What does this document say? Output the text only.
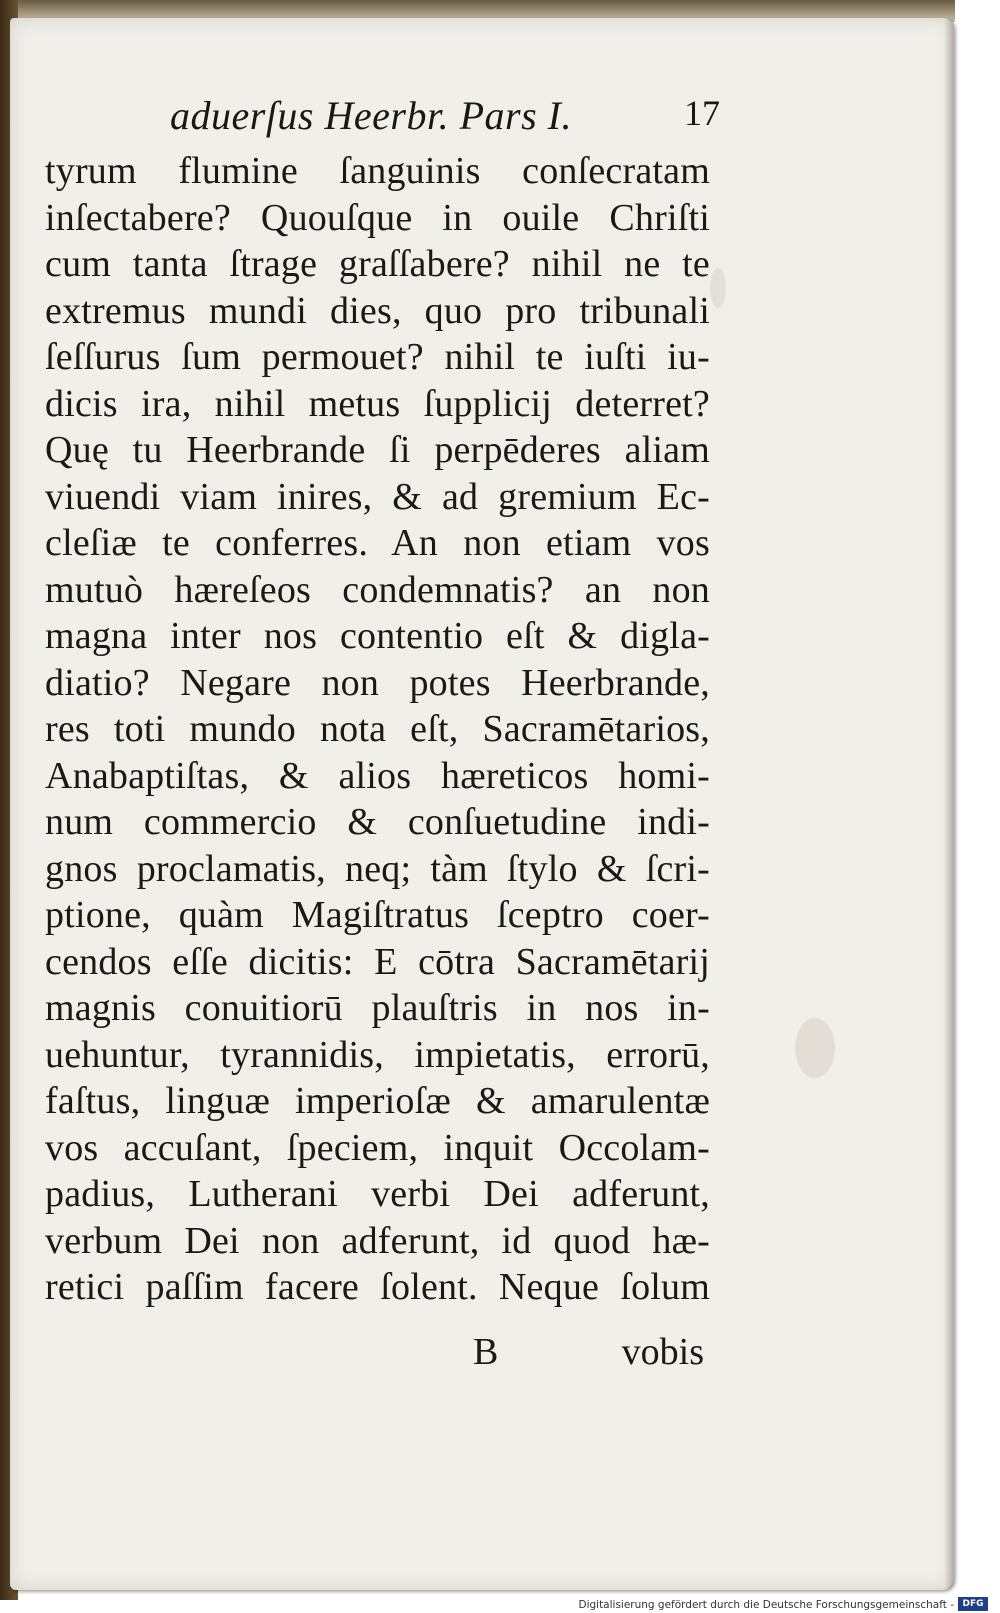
aduerſus Heerbr. Pars I.	17
tyrum flumine ſanguinis conſecratam
inſectabere? Quouſque in ouile Chriſti
cum tanta ſtrage graſſabere? nihil ne te
extremus mundi dies, quo pro tribunali
ſeſſurus ſum permouet? nihil te iuſti iu-
dicis ira, nihil metus ſupplicij deterret?
Quę tu Heerbrande ſi perpēderes aliam
viuendi viam inires, & ad gremium Ec-
cleſiæ te conferres. An non etiam vos
mutuò hæreſeos condemnatis? an non
magna inter nos contentio eſt & digla-
diatio? Negare non potes Heerbrande,
res toti mundo nota eſt, Sacramētarios,
Anabaptiſtas, & alios hæreticos homi-
num commercio & conſuetudine indi-
gnos proclamatis, neq; tàm ſtylo & ſcri-
ptione, quàm Magiſtratus ſceptro coer-
cendos eſſe dicitis: E cōtra Sacramētarij
magnis conuitiorū plauſtris in nos in-
uehuntur, tyrannidis, impietatis, errorū,
faſtus, linguæ imperioſæ & amarulentæ
vos accuſant, ſpeciem, inquit Occolam-
padius, Lutherani verbi Dei adferunt,
verbum Dei non adferunt, id quod hæ-
retici paſſim facere ſolent. Neque ſolum
B	vobis
Digitalisierung gefördert durch die Deutsche Forschungsgemeinschaft - DFG
